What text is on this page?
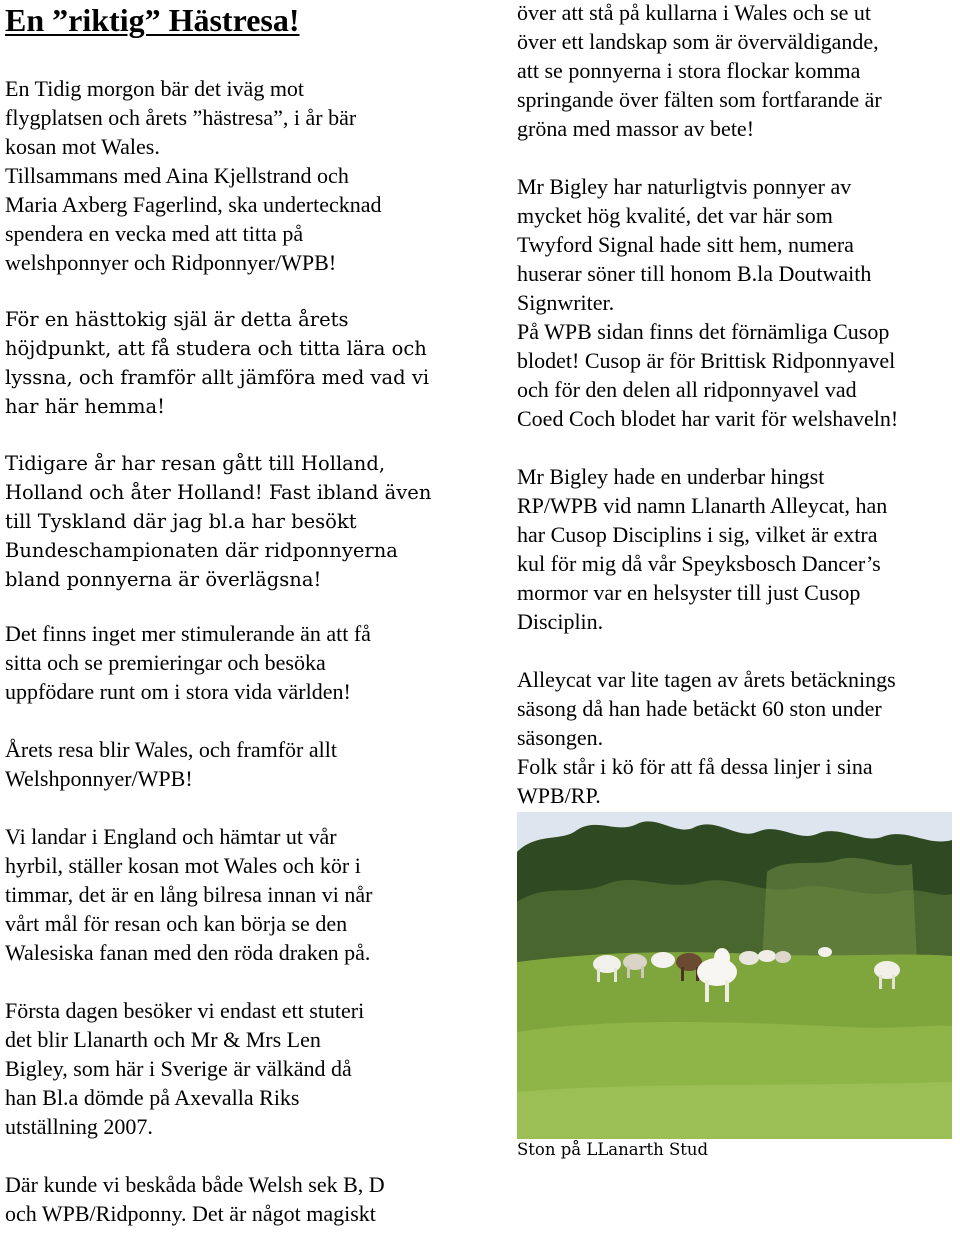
En ”riktig” Hästresa!

En Tidig morgon bär det iväg mot
flygplatsen och årets ”hästresa”, i år bär
kosan mot Wales.
Tillsammans med Aina Kjellstrand och
Maria Axberg Fagerlind, ska undertecknad
spendera en vecka med att titta på
welshponnyer och Ridponnyer/WPB!

För en hästtokig själ är detta årets
höjdpunkt, att få studera och titta lära och
lyssna, och framför allt jämföra med vad vi
har här hemma!

Tidigare år har resan gått till Holland,
Holland och åter Holland! Fast ibland även
till Tyskland där jag bl.a har besökt
Bundeschampionaten där ridponnyerna
bland ponnyerna är överlägsna!

Det finns inget mer stimulerande än att få
sitta och se premieringar och besöka
uppfödare runt om i stora vida världen!

Årets resa blir Wales, och framför allt
Welshponnyer/WPB!

Vi landar i England och hämtar ut vår
hyrbil, ställer kosan mot Wales och kör i
timmar, det är en lång bilresa innan vi når
vårt mål för resan och kan börja se den
Walesiska fanan med den röda draken på.

Första dagen besöker vi endast ett stuteri
det blir Llanarth och Mr & Mrs Len
Bigley, som här i Sverige är välkänd då
han Bl.a dömde på Axevalla Riks
utställning 2007.

Där kunde vi beskåda både Welsh sek B, D
och WPB/Ridponny. Det är något magiskt

över att stå på kullarna i Wales och se ut
över ett landskap som är överväldigande,
att se ponnyerna i stora flockar komma
springande över fälten som fortfarande är
gröna med massor av bete!

Mr Bigley har naturligtvis ponnyer av
mycket hög kvalité, det var här som
Twyford Signal hade sitt hem, numera
huserar söner till honom B.la Doutwaith
Signwriter.
På WPB sidan finns det förnämliga Cusop
blodet! Cusop är för Brittisk Ridponnyavel
och för den delen all ridponnyavel vad
Coed Coch blodet har varit för welshaveln!

Mr Bigley hade en underbar hingst
RP/WPB vid namn Llanarth Alleycat, han
har Cusop Disciplins i sig, vilket är extra
kul för mig då vår Speyksbosch Dancer’s
mormor var en helsyster till just Cusop
Disciplin.

Alleycat var lite tagen av årets betäcknings
säsong då han hade betäckt 60 ston under
säsongen.
Folk står i kö för att få dessa linjer i sina
WPB/RP.

Ston på LLanarth Stud
